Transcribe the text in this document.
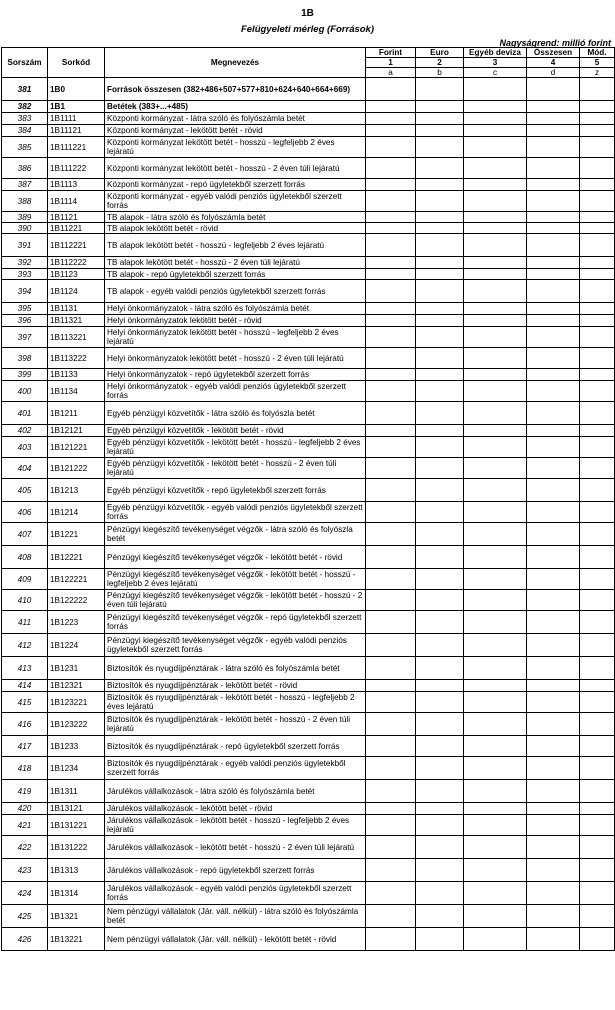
1B
Felügyeleti mérleg (Források)
Nagyságrend: millió forint
Sorszám	Sorkód	Megnevezés	Forint	Euro	Egyéb deviza	Összesen	Mód.
			1	2	3	4	5
			a	b	c	d	z
381	1B0	Források összesen (382+486+507+577+810+624+640+664+669)					
382	1B1	Betétek (383+...+485)					
383	1B1111	Központi kormányzat - látra szóló és folyószámla betét					
384	1B11121	Központi kormányzat - lekötött betét - rövid					
385	1B111221	Központi kormányzat lekötött betét - hosszú - legfeljebb 2 éves lejáratú					
386	1B111222	Központi kormányzat lekötött betét - hosszú - 2 éven túli lejáratú					
387	1B1113	Központi kormányzat - repó ügyletekből szerzett forrás					
388	1B1114	Központi kormányzat - egyéb valódi penziós ügyletekből szerzett forrás					
389	1B1121	TB alapok - látra szóló és folyószámla betét					
390	1B11221	TB alapok lekötött betét - rövid					
391	1B112221	TB alapok lekötött betét - hosszú - legfeljebb 2 éves lejáratú					
392	1B112222	TB alapok lekötött betét - hosszú - 2 éven túli lejáratú					
393	1B1123	TB alapok - repó ügyletekből szerzett forrás					
394	1B1124	TB alapok - egyéb valódi penziós ügyletekből szerzett forrás					
395	1B1131	Helyi önkormányzatok - látra szóló és folyószámla betét					
396	1B11321	Helyi önkormányzatok lekötött betét - rövid					
397	1B113221	Helyi önkormányzatok lekötött betét - hosszú - legfeljebb 2 éves lejáratú					
398	1B113222	Helyi önkormányzatok lekötött betét - hosszú - 2 éven túli lejáratú					
399	1B1133	Helyi önkormányzatok - repó ügyletekből szerzett forrás					
400	1B1134	Helyi önkormányzatok - egyéb valódi penziós ügyletekből szerzett forrás					
401	1B1211	Egyéb pénzügyi közvetítők - látra szóló és folyószla betét					
402	1B12121	Egyéb pénzügyi közvetítők - lekötött betét - rövid					
403	1B121221	Egyéb pénzügyi közvetítők - lekötött betét - hosszú - legfeljebb 2 éves lejáratú					
404	1B121222	Egyéb pénzügyi közvetítők - lekötött betét - hosszú - 2 éven túli lejáratú					
405	1B1213	Egyéb pénzügyi közvetítők - repó ügyletekből szerzett forrás					
406	1B1214	Egyéb pénzügyi közvetítők - egyéb valódi penziós ügyletekből szerzett forrás					
407	1B1221	Pénzügyi kiegészítő tevékenységet végzők - látra szóló és folyószla betét					
408	1B12221	Pénzügyi kiegészítő tevékenységet végzők - lekötött betét - rövid					
409	1B122221	Pénzügyi kiegészítő tevékenységet végzők - lekötött betét - hosszú - legfeljebb 2 éves lejáratú					
410	1B122222	Pénzügyi kiegészítő tevékenységet végzők - lekötött betét - hosszú - 2 éven túli lejáratú					
411	1B1223	Pénzügyi kiegészítő tevékenységet végzők - repó ügyletekből szerzett forrás					
412	1B1224	Pénzügyi kiegészítő tevékenységet végzők - egyéb valódi penziós ügyletekből szerzett forrás					
413	1B1231	Biztosítók és nyugdíjpénztárak - látra szóló és folyószámla betét					
414	1B12321	Biztosítók és nyugdíjpénztárak - lekötött betét - rövid					
415	1B123221	Biztosítók és nyugdíjpénztárak - lekötött betét - hosszú - legfeljebb 2 éves lejáratú					
416	1B123222	Biztosítók és nyugdíjpénztárak - lekötött betét - hosszú - 2 éven túli lejáratú					
417	1B1233	Biztosítók és nyugdíjpénztárak - repó ügyletekből szerzett forrás					
418	1B1234	Biztosítók és nyugdíjpénztárak - egyéb valódi penziós ügyletekből szerzett forrás					
419	1B1311	Járulékos vállalkozások - látra szóló és folyószámla betét					
420	1B13121	Járulékos vállalkozások - lekötött betét - rövid					
421	1B131221	Járulékos vállalkozások - lekötött betét - hosszú - legfeljebb 2 éves lejáratú					
422	1B131222	Járulékos vállalkozások - lekötött betét - hosszú - 2 éven túli lejáratú					
423	1B1313	Járulékos vállalkozások - repó ügyletekből szerzett forrás					
424	1B1314	Járulékos vállalkozások - egyéb valódi penziós ügyletekből szerzett forrás					
425	1B1321	Nem pénzügyi vállalatok (Jár. váll. nélkül) - látra szóló és folyószámla betét					
426	1B13221	Nem pénzügyi vállalatok (Jár. váll. nélkül) - lekötött betét - rövid					
